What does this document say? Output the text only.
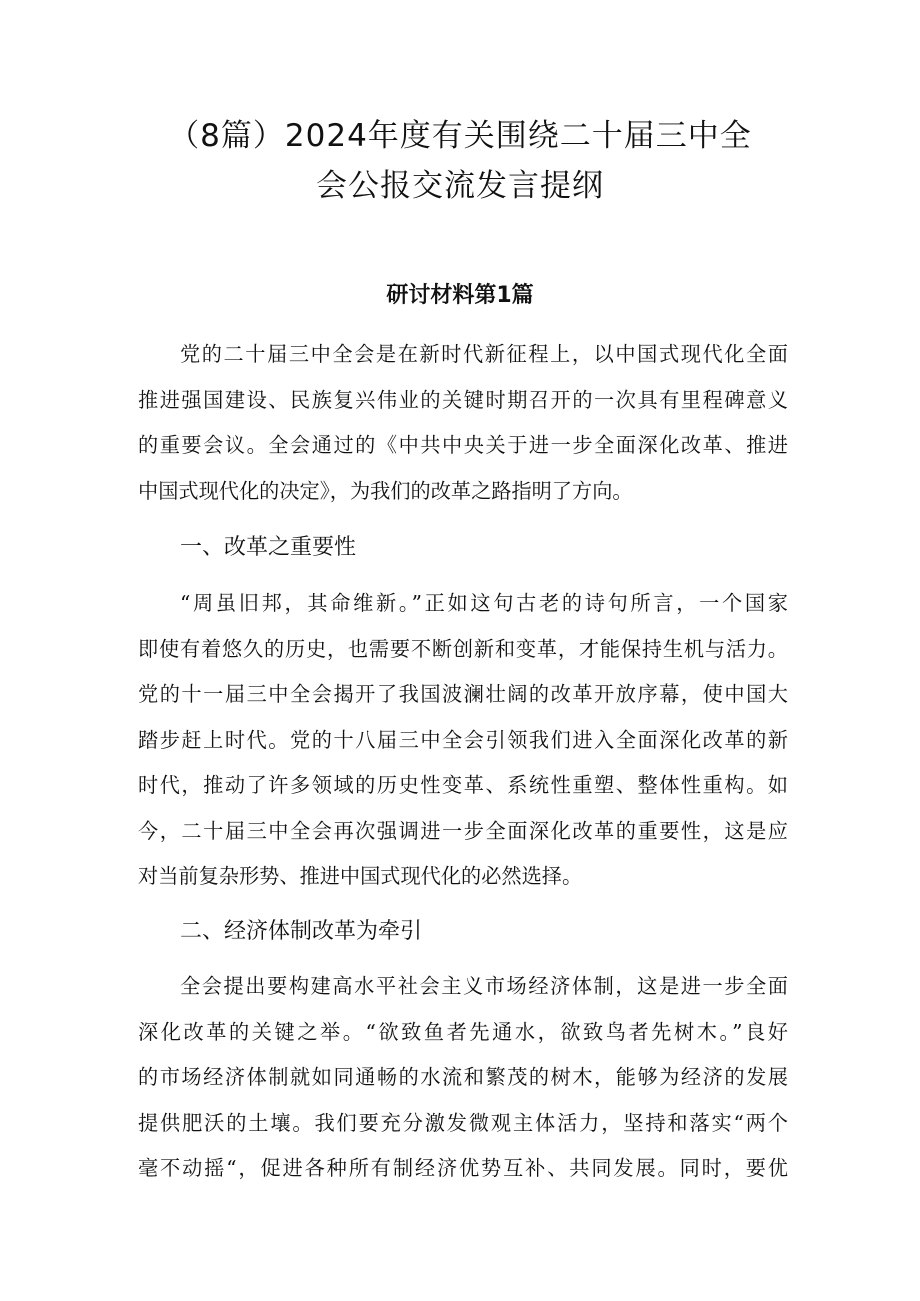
（8篇）2024年度有关围绕二十届三中全
会公报交流发言提纲
研讨材料第1篇

党的二十届三中全会是在新时代新征程上，以中国式现代化全面
推进强国建设、民族复兴伟业的关键时期召开的一次具有里程碑意义
的重要会议。全会通过的《中共中央关于进一步全面深化改革、推进
中国式现代化的决定》，为我们的改革之路指明了方向。

一、改革之重要性

“周虽旧邦，其命维新。”正如这句古老的诗句所言，一个国家
即使有着悠久的历史，也需要不断创新和变革，才能保持生机与活力。
党的十一届三中全会揭开了我国波澜壮阔的改革开放序幕，使中国大
踏步赶上时代。党的十八届三中全会引领我们进入全面深化改革的新
时代，推动了许多领域的历史性变革、系统性重塑、整体性重构。如
今，二十届三中全会再次强调进一步全面深化改革的重要性，这是应
对当前复杂形势、推进中国式现代化的必然选择。

二、经济体制改革为牵引

全会提出要构建高水平社会主义市场经济体制，这是进一步全面
深化改革的关键之举。“欲致鱼者先通水，欲致鸟者先树木。”良好
的市场经济体制就如同通畅的水流和繁茂的树木，能够为经济的发展
提供肥沃的土壤。我们要充分激发微观主体活力，坚持和落实“两个
毫不动摇“，促进各种所有制经济优势互补、共同发展。同时，要优
